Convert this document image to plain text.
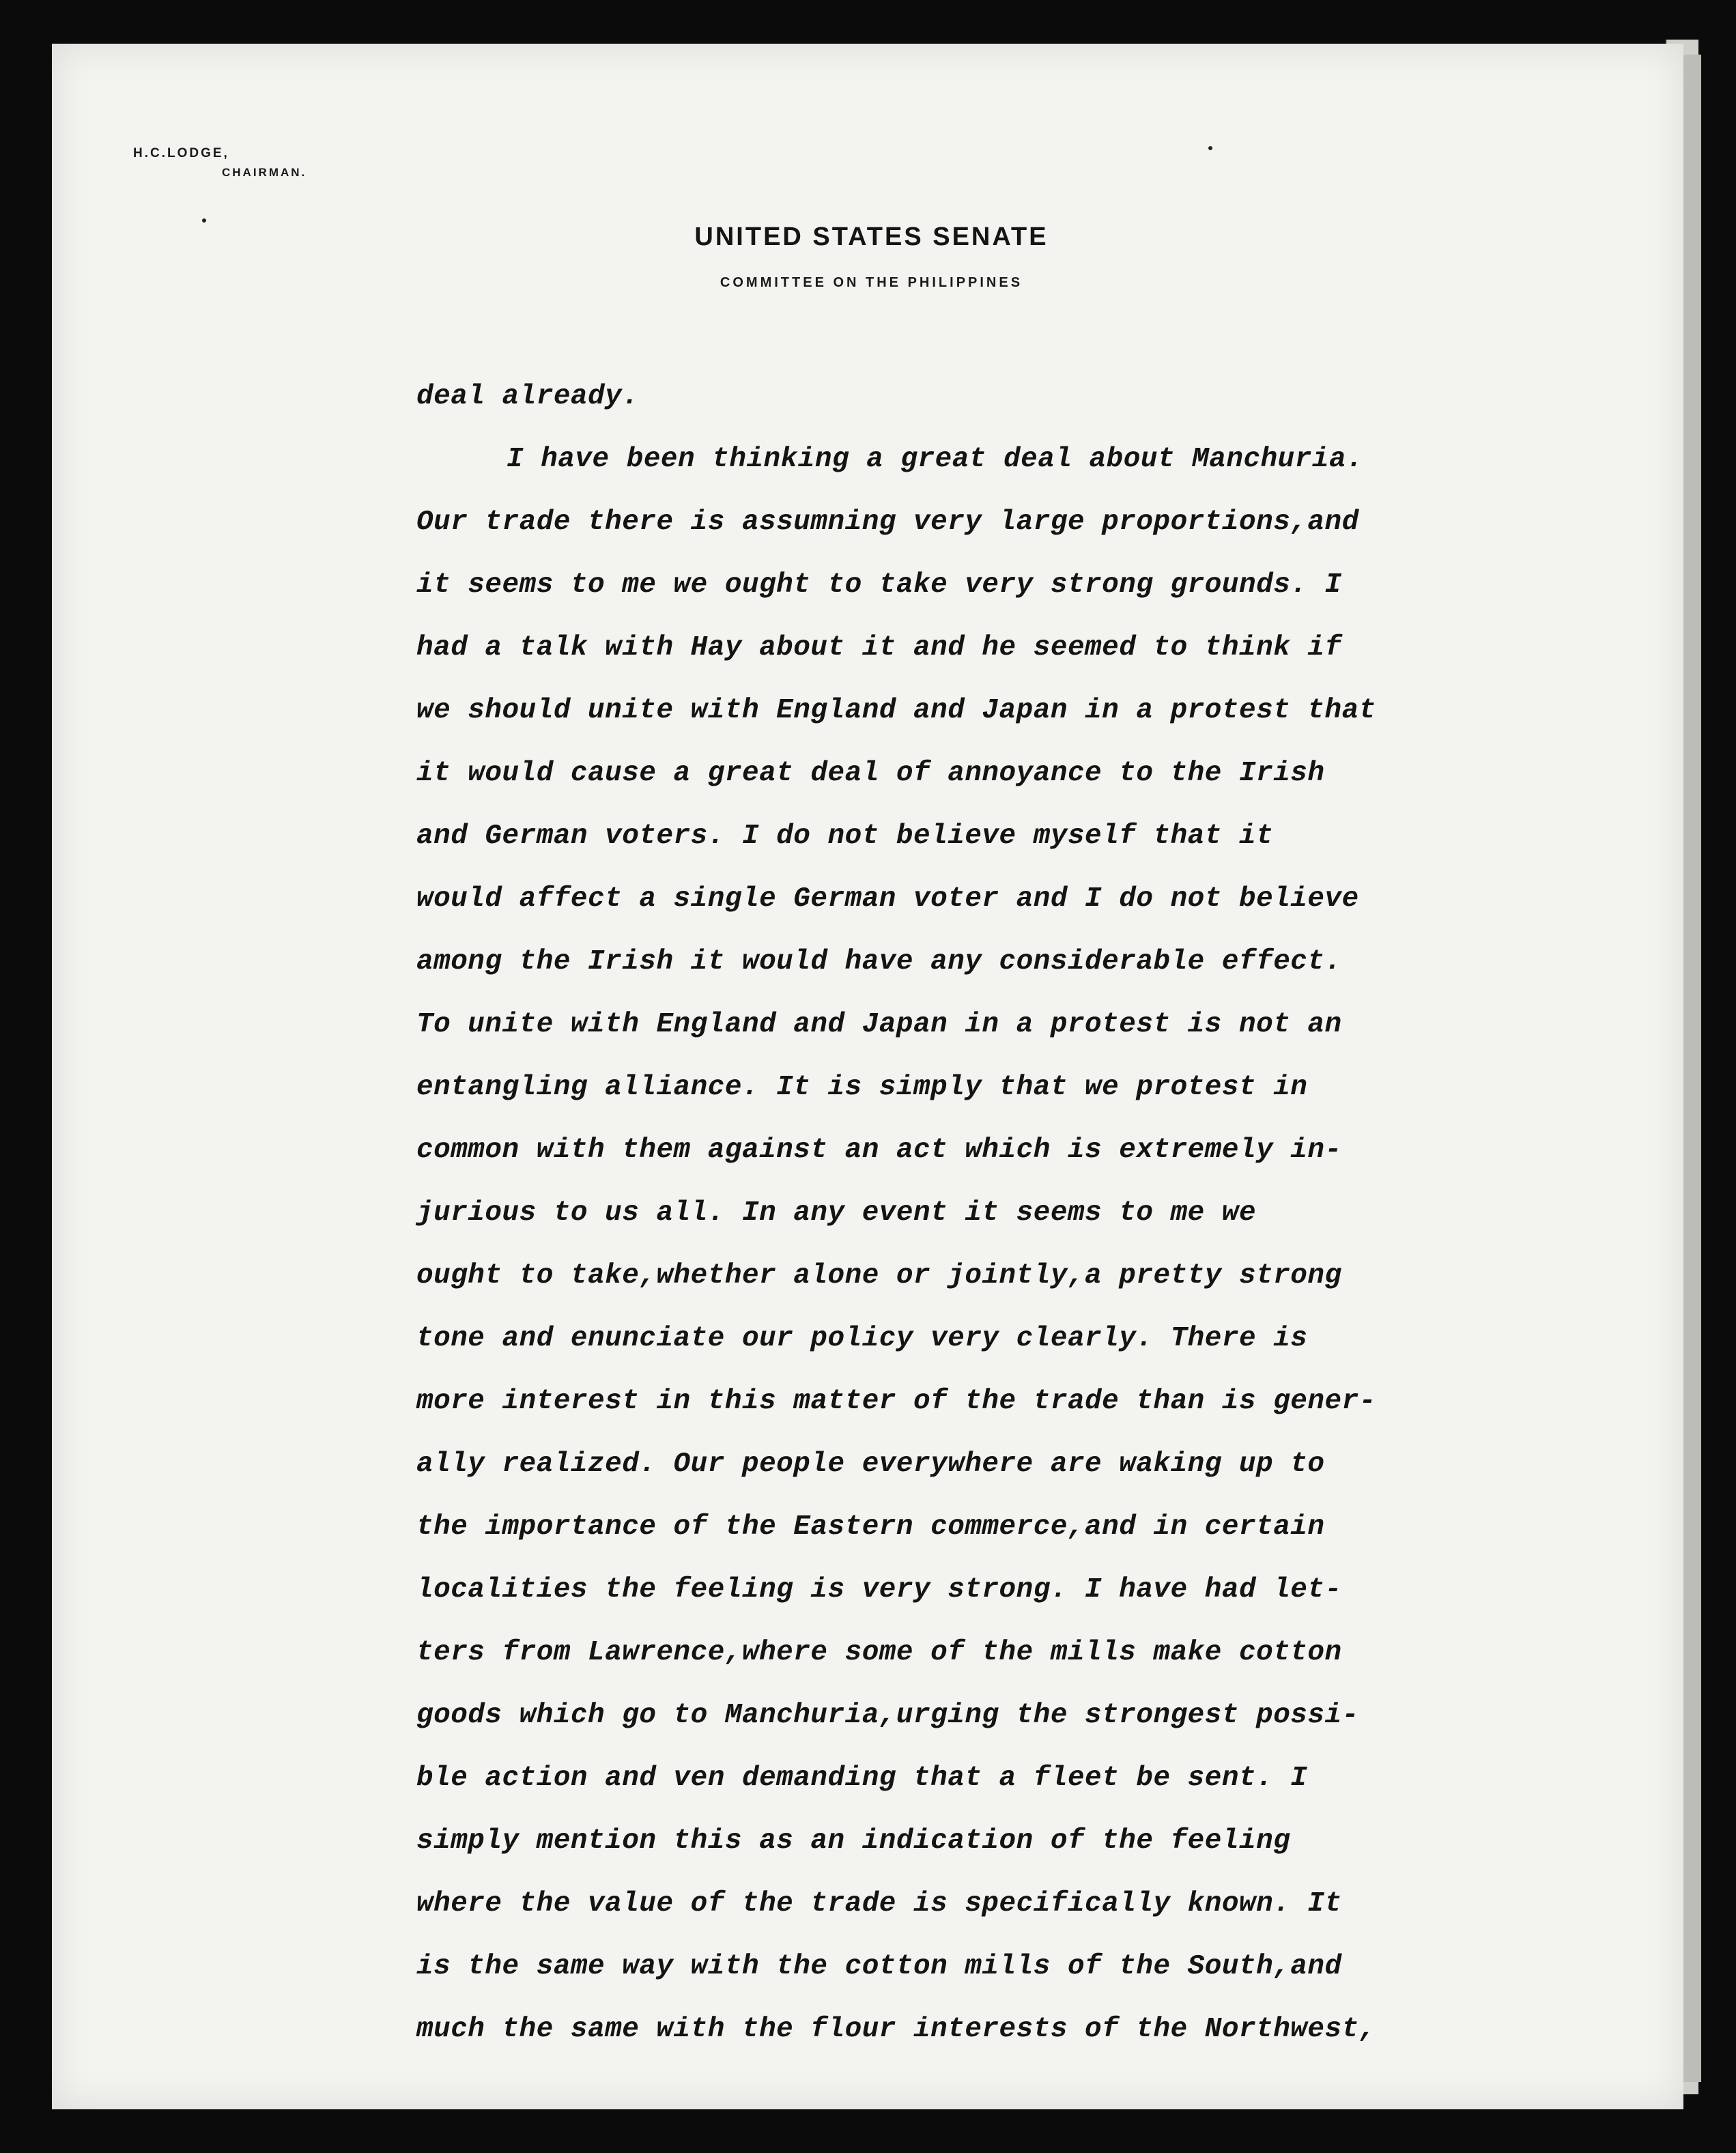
H.C.LODGE,

CHAIRMAN.

UNITED STATES SENATE
COMMITTEE ON THE PHILIPPINES
deal already.
I have been thinking a great deal about Manchuria.
Our trade there is assumning very large proportions,and
it seems to me we ought to take very strong grounds. I
had a talk with Hay about it and he seemed to think if
we should unite with England and Japan in a protest that
it would cause a great deal of annoyance to the Irish
and German voters. I do not believe myself that it
would affect a single German voter and I do not believe
among the Irish it would have any considerable effect.
To unite with England and Japan in a protest is not an
entangling alliance. It is simply that we protest in
common with them against an act which is extremely in-
jurious to us all. In any event it seems to me we
ought to take,whether alone or jointly,a pretty strong
tone and enunciate our policy very clearly. There is
more interest in this matter of the trade than is gener-
ally realized. Our people everywhere are waking up to
the importance of the Eastern commerce,and in certain
localities the feeling is very strong. I have had let-
ters from Lawrence,where some of the mills make cotton
goods which go to Manchuria,urging the strongest possi-
ble action and ven demanding that a fleet be sent. I
simply mention this as an indication of the feeling
where the value of the trade is specifically known. It
is the same way with the cotton mills of the South,and
much the same with the flour interests of the Northwest,
